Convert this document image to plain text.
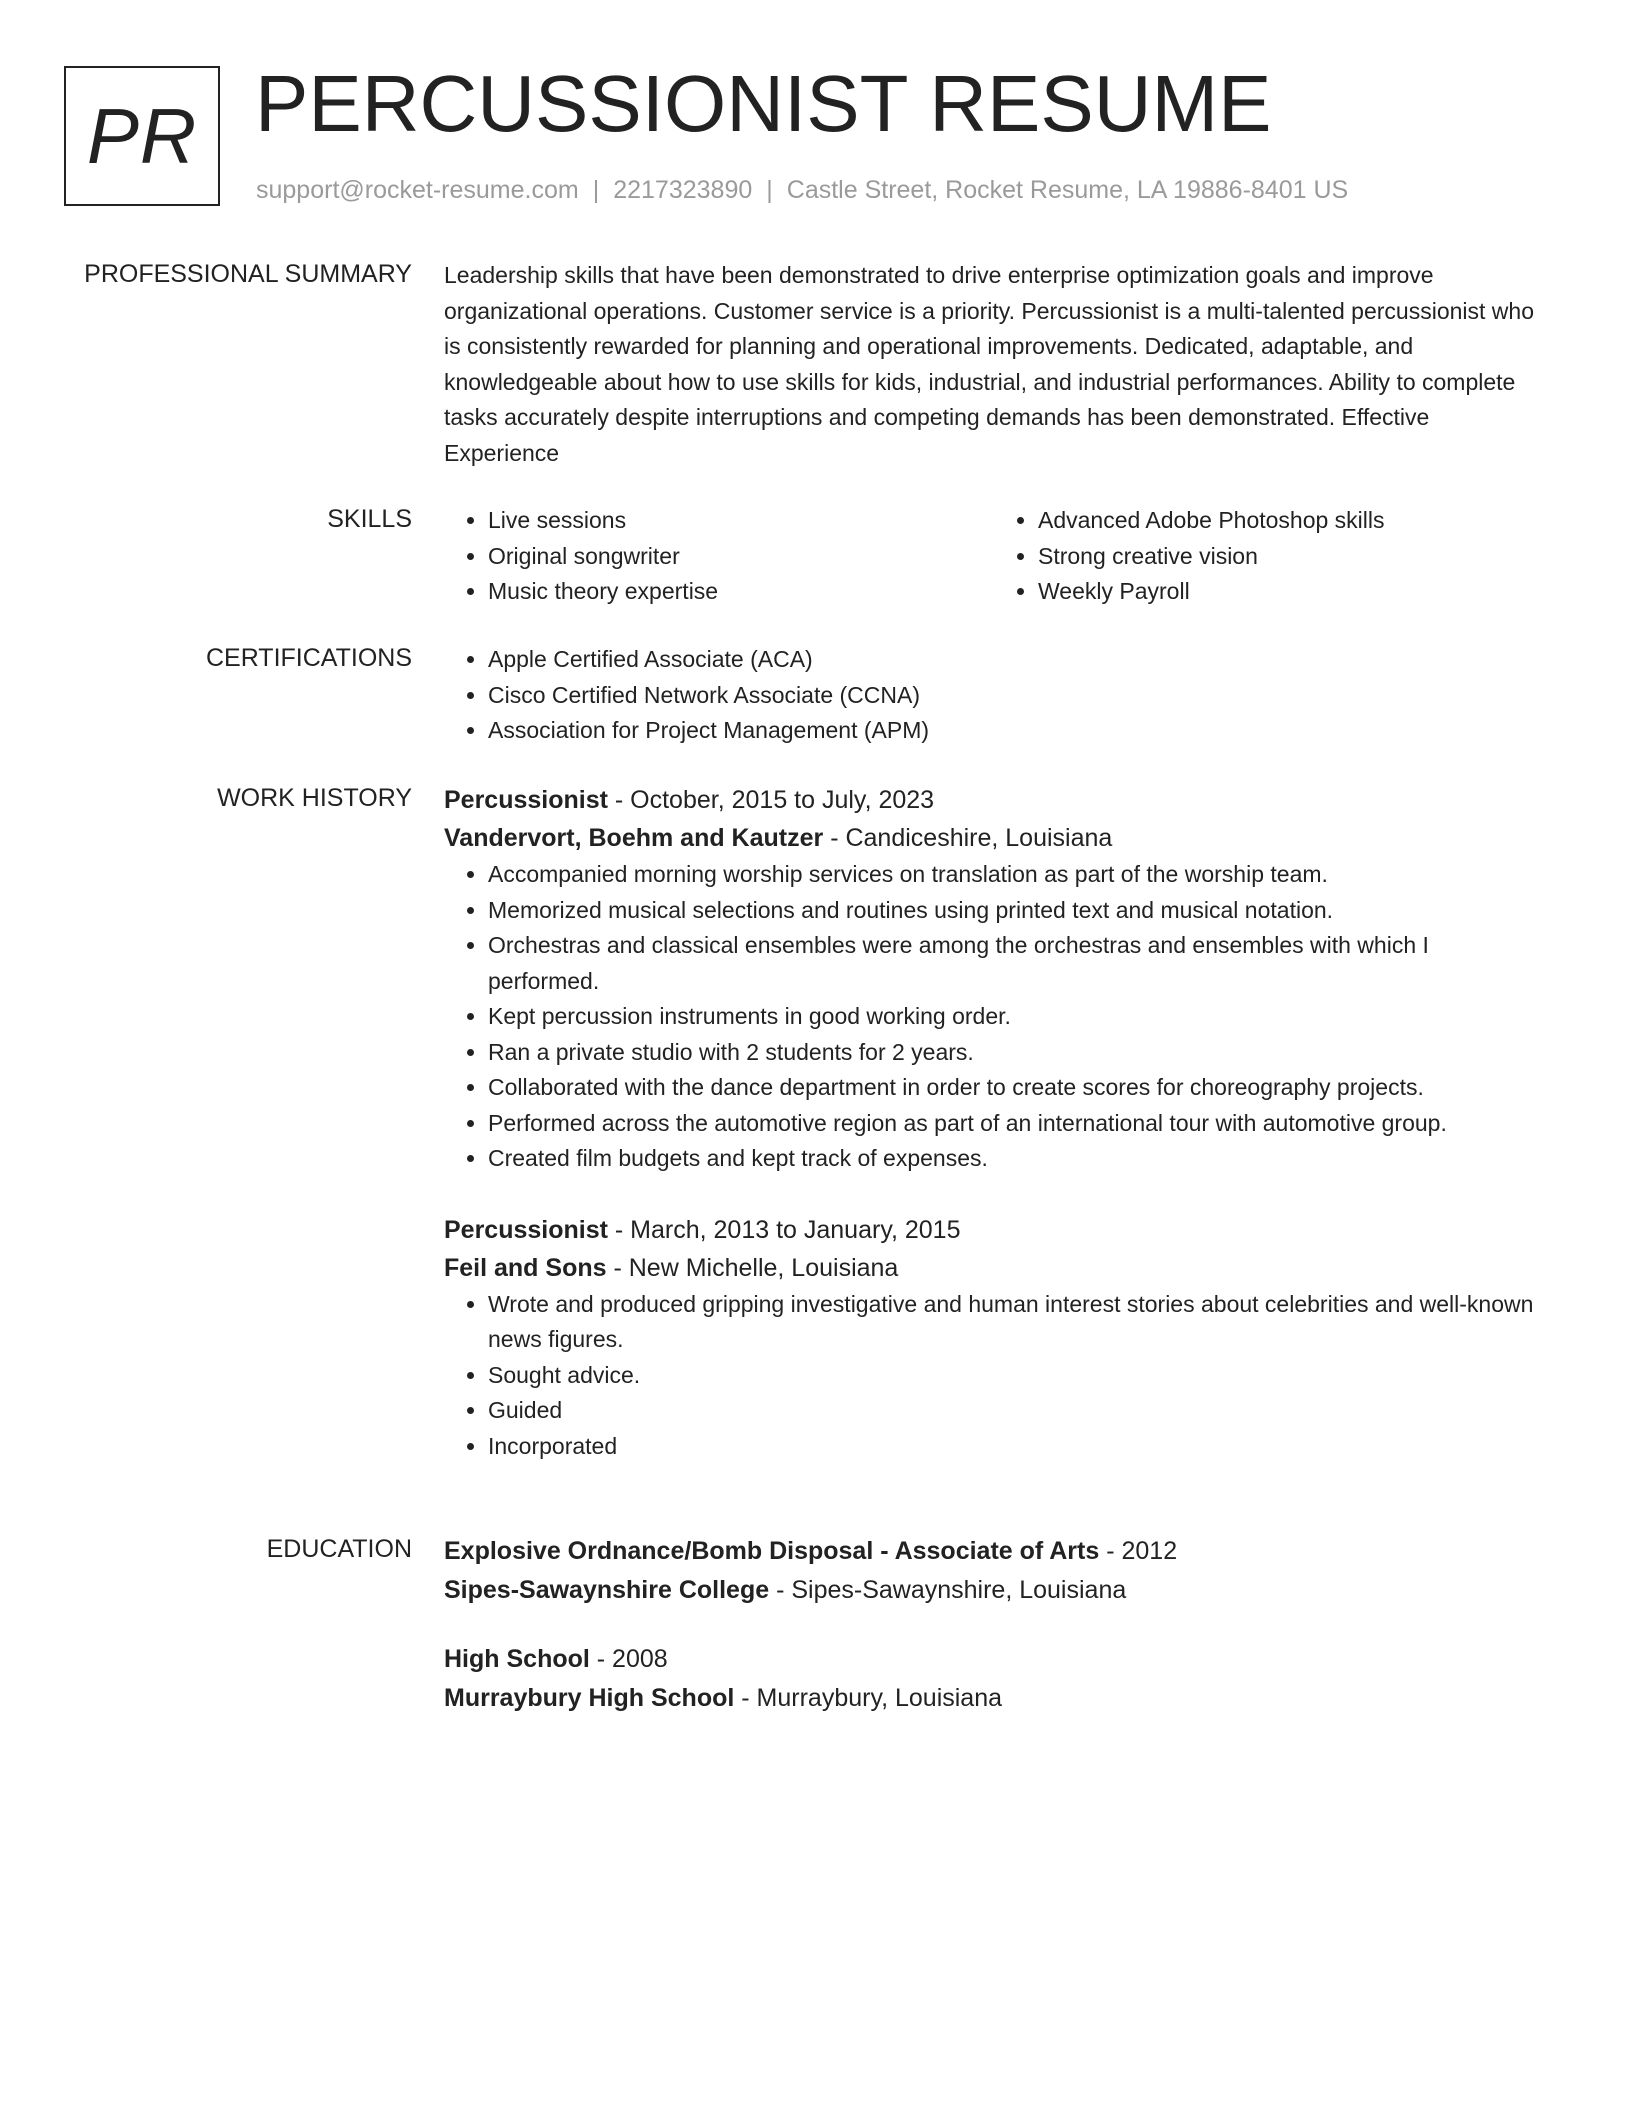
PR PERCUSSIONIST RESUME
support@rocket-resume.com | 2217323890 | Castle Street, Rocket Resume, LA 19886-8401 US
PROFESSIONAL SUMMARY Leadership skills that have been demonstrated to drive enterprise optimization goals and improve organizational operations. Customer service is a priority. Percussionist is a multi-talented percussionist who is consistently rewarded for planning and operational improvements. Dedicated, adaptable, and knowledgeable about how to use skills for kids, industrial, and industrial performances. Ability to complete tasks accurately despite interruptions and competing demands has been demonstrated. Effective Experience

SKILLS	• Live sessions
• Original songwriter
• Music theory expertise
• Advanced Adobe Photoshop skills
• Strong creative vision
• Weekly Payroll
CERTIFICATIONS	• Apple Certified Associate (ACA)
• Cisco Certified Network Associate (CCNA)
• Association for Project Management (APM)
WORK HISTORY Percussionist - October, 2015 to July, 2023
Vandervort, Boehm and Kautzer - Candiceshire, Louisiana
• Accompanied morning worship services on translation as part of the worship team.
• Memorized musical selections and routines using printed text and musical notation.
• Orchestras and classical ensembles were among the orchestras and ensembles with which I performed.
• Kept percussion instruments in good working order.
• Ran a private studio with 2 students for 2 years.
• Collaborated with the dance department in order to create scores for choreography projects.
• Performed across the automotive region as part of an international tour with automotive group.
• Created film budgets and kept track of expenses.
Percussionist - March, 2013 to January, 2015
Feil and Sons - New Michelle, Louisiana
• Wrote and produced gripping investigative and human interest stories about celebrities and well-known news figures.
• Sought advice.
• Guided
• Incorporated
EDUCATION Explosive Ordnance/Bomb Disposal - Associate of Arts - 2012
Sipes-Sawaynshire College - Sipes-Sawaynshire, Louisiana
High School - 2008
Murraybury High School - Murraybury, Louisiana
